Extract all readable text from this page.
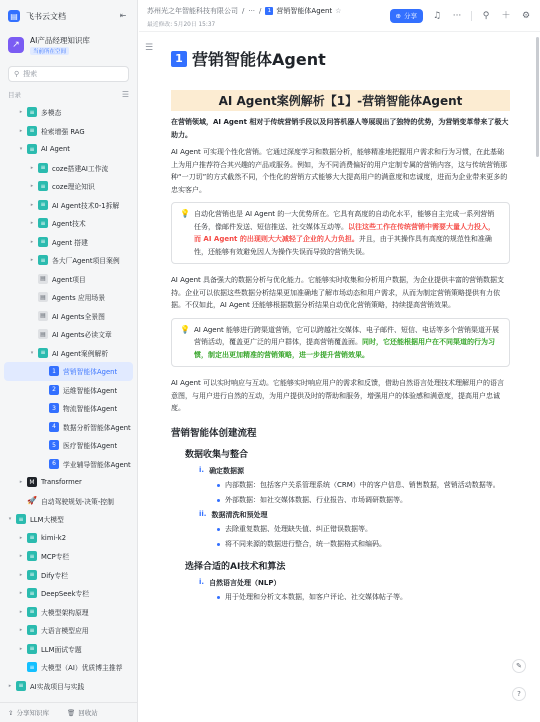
▤ 飞书云文档	⇤
↗	AI产品经理知识库
当前所在空间
⚲
搜索
目录	☰
▸	≡ 多模态
▸	≡ 检索增强 RAG
▾	≡ AI Agent
▸	≡ coze搭建AI工作流
▸	≡ coze理论知识
▸	≡ AI Agent技术0-1拆解
▸	≡ Agent技术
▸	≡ Agent 搭建
▸	≡ 各大厂Agent项目案例
▤ Agent项目
▤ Agents 应用场景
▤ AI Agents全景图
▤ AI Agents必读文章
▾	≡ AI Agent案例解析
1	营销智能体Agent
2	运维智能体Agent
3	物流智能体Agent
4	数据分析智能体Agent
5	医疗智能体Agent
6	学业辅导智能体Agent
▸	M Transformer
🚀 自动驾驶规划-决策-控制
▾	≡ LLM大模型
▸	≡ kimi-k2
▸	≡ MCP专栏
▸	≡ Dify专栏
▸	≡ DeepSeek专栏
▸	≡ 大模型架构原理
▸	≡ 大语言模型应用
▸	≡ LLM面试专题
≡ 大模型（AI）优质博主推荐
▸	≡ AI实战项目与实践
⇪ 分享知识库	🗑 回收站
苏州光之年智能科技有限公司 / ··· /	1 营销智能体Agent ☆
最近修改: 5月20日 15:37
⊕ 分享 ♫ ···	⚲	＋ ⚙
☰
1 营销智能体Agent
AI Agent案例解析【1】-营销智能体Agent
在营销领域，AI Agent 相对于传统营销手段以及问答机器人等展现出了独特的优势，为营销变革带来了极大助力。
AI Agent 可实现个性化营销。它通过深度学习和数据分析，能够精准地把握用户需求和行为习惯，在此基础上为用户推荐符合其兴趣的产品或服务。例如，为不同消费偏好的用户定制专属的营销内容，这与传统营销那种“一刀切”的方式截然不同，个性化的营销方式能够大大提高用户的满意度和忠诚度，进而为企业带来更多的忠实客户。
💡 自动化营销也是 AI Agent 的一大优势所在。它具有高度的自动化水平，能够自主完成一系列营销任务，像邮件发送、短信推送、社交媒体互动等。以往这些工作在传统营销中需要大量人力投入，而 AI Agent 的出现则大大减轻了企业的人力负担。并且，由于其操作具有高度的规范性和准确性，还能够有效避免因人为操作失误而导致的营销失误。
AI Agent 具备强大的数据分析与优化能力。它能够实时收集和分析用户数据，为企业提供丰富的营销数据支持。企业可以依据这些数据分析结果更加准确地了解市场动态和用户需求，从而为制定营销策略提供有力依据。不仅如此，AI Agent 还能够根据数据分析结果自动优化营销策略，持续提高营销效果。
💡 AI Agent 能够进行跨渠道营销，它可以跨越社交媒体、电子邮件、短信、电话等多个营销渠道开展营销活动，覆盖更广泛的用户群体，提高营销覆盖面。同时，它还能根据用户在不同渠道的行为习惯，制定出更加精准的营销策略，进一步提升营销效果。
AI Agent 可以实时响应与互动。它能够实时响应用户的需求和反馈，借助自然语言处理技术理解用户的语言意图，与用户进行自然的互动，为用户提供及时的帮助和服务，增强用户的体验感和满意度，提高用户忠诚度。
营销智能体创建流程
数据收集与整合
i. 确定数据源
内部数据：包括客户关系管理系统（CRM）中的客户信息、销售数据，营销活动数据等。
外部数据：如社交媒体数据、行业报告、市场调研数据等。
ii. 数据清洗和预处理
去除重复数据、处理缺失值、纠正错误数据等。
将不同来源的数据进行整合，统一数据格式和编码。
选择合适的AI技术和算法
i. 自然语言处理（NLP）
用于处理和分析文本数据，如客户评论、社交媒体帖子等。
✎
?
